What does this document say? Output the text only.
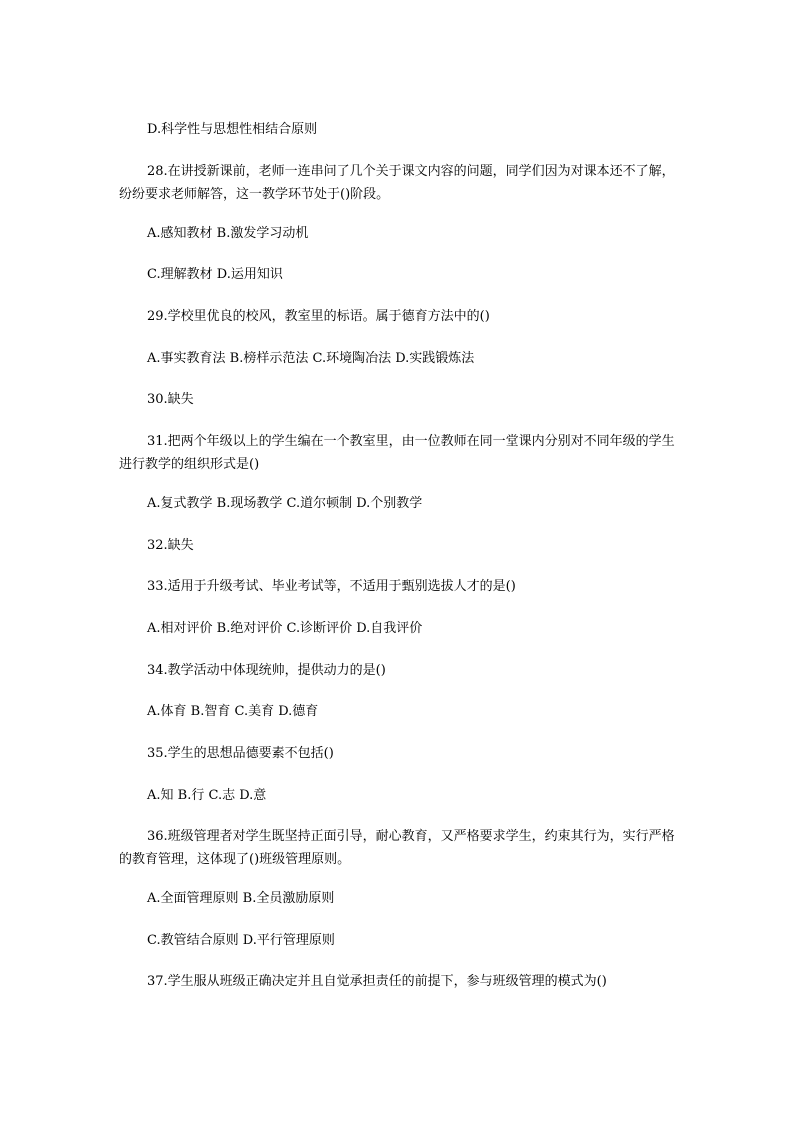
D.科学性与思想性相结合原则

28.在讲授新课前，老师一连串问了几个关于课文内容的问题，同学们因为对课本还不了解，纷纷要求老师解答，这一教学环节处于()阶段。

A.感知教材 B.激发学习动机

C.理解教材 D.运用知识

29.学校里优良的校风，教室里的标语。属于德育方法中的()

A.事实教育法 B.榜样示范法 C.环境陶冶法 D.实践锻炼法

30.缺失

31.把两个年级以上的学生编在一个教室里，由一位教师在同一堂课内分别对不同年级的学生进行教学的组织形式是()

A.复式教学 B.现场教学 C.道尔顿制 D.个别教学

32.缺失

33.适用于升级考试、毕业考试等，不适用于甄别选拔人才的是()

A.相对评价 B.绝对评价 C.诊断评价 D.自我评价

34.教学活动中体现统帅，提供动力的是()

A.体育 B.智育 C.美育 D.德育

35.学生的思想品德要素不包括()

A.知 B.行 C.志 D.意

36.班级管理者对学生既坚持正面引导，耐心教育，又严格要求学生，约束其行为，实行严格的教育管理，这体现了()班级管理原则。

A.全面管理原则 B.全员激励原则

C.教管结合原则 D.平行管理原则

37.学生服从班级正确决定并且自觉承担责任的前提下，参与班级管理的模式为()
